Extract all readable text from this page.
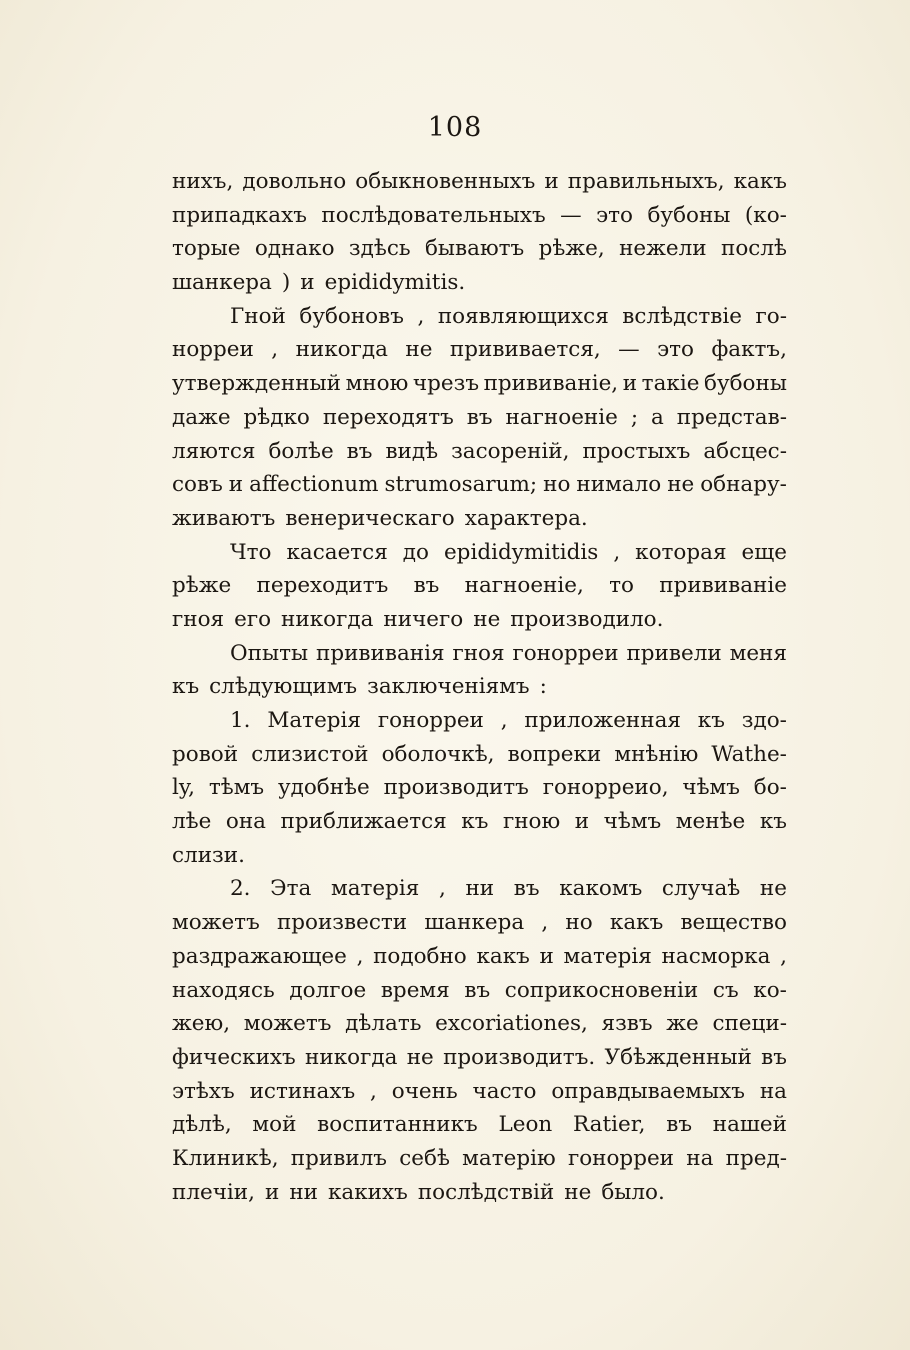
108
нихъ, довольно обыкновенныхъ и правильныхъ, какъ
припадкахъ послѣдовательныхъ — это бубоны (ко-
торые однако здѣсь бываютъ рѣже, нежели послѣ
шанкера ) и epididymitis.
Гной бубоновъ , появляющихся вслѣдствіе го-
норреи , никогда не прививается, — это фактъ,
утвержденный мною чрезъ прививаніе, и такіе бубоны
даже рѣдко переходятъ въ нагноеніе ; а представ-
ляются болѣе въ видѣ засореній, простыхъ абсцес-
совъ и affectionum strumosarum; но нимало не обнару-
живаютъ венерическаго характера.
Что касается до epididymitidis , которая еще
рѣже переходитъ въ нагноеніе, то прививаніе
гноя его никогда ничего не производило.
Опыты прививанія гноя гонорреи привели меня
къ слѣдующимъ заключеніямъ :
1. Матерія гонорреи , приложенная къ здо-
ровой слизистой оболочкѣ, вопреки мнѣнію Wathe-
ly, тѣмъ удобнѣе производитъ гонорреио, чѣмъ бо-
лѣе она приближается къ гною и чѣмъ менѣе къ
слизи.
2. Эта матерія , ни въ какомъ случаѣ не
можетъ произвести шанкера , но какъ вещество
раздражающее , подобно какъ и матерія насморка ,
находясь долгое время въ соприкосновеніи съ ко-
жею, можетъ дѣлать excoriationes, язвъ же специ-
фическихъ никогда не производитъ. Убѣжденный въ
этѣхъ истинахъ , очень часто оправдываемыхъ на
дѣлѣ, мой воспитанникъ Leon Ratier, въ нашей
Клиникѣ, привилъ себѣ матерію гонорреи на пред-
плечіи, и ни какихъ послѣдствій не было.
